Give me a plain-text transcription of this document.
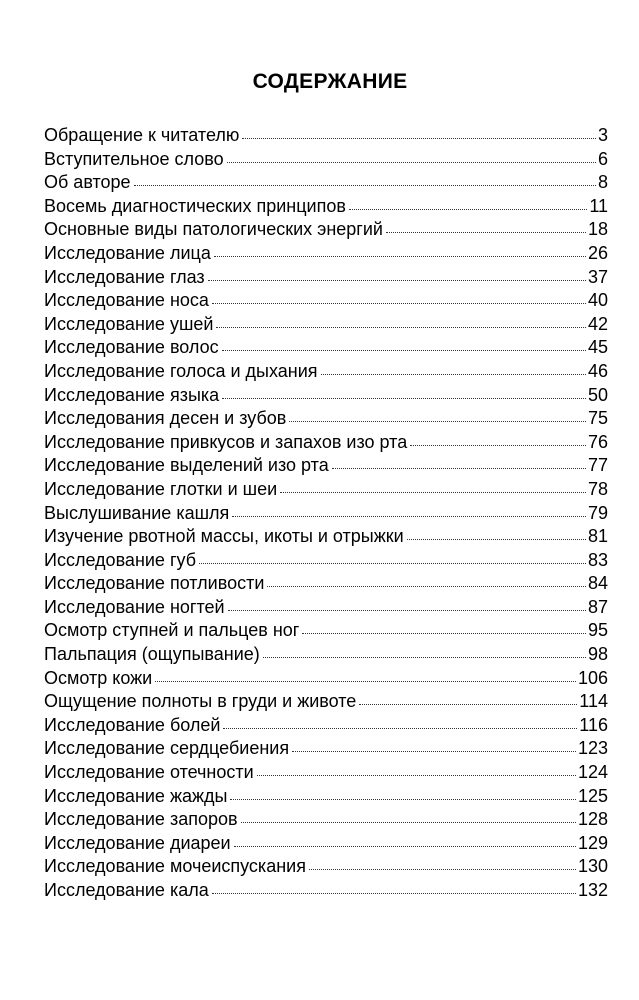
СОДЕРЖАНИЕ
Обращение к читателю	3
Вступительное слово	6
Об авторе	8
Восемь диагностических принципов	11
Основные виды патологических энергий	18
Исследование лица	26
Исследование глаз	37
Исследование носа	40
Исследование ушей	42
Исследование волос	45
Исследование голоса и дыхания	46
Исследование языка	50
Исследования десен и зубов	75
Исследование привкусов и запахов изо рта	76
Исследование выделений изо рта	77
Исследование глотки и шеи	78
Выслушивание кашля	79
Изучение рвотной массы, икоты и отрыжки	81
Исследование губ	83
Исследование потливости	84
Исследование ногтей	87
Осмотр ступней и пальцев ног	95
Пальпация (ощупывание)	98
Осмотр кожи	106
Ощущение полноты в груди и животе	114
Исследование болей	116
Исследование сердцебиения	123
Исследование отечности	124
Исследование жажды	125
Исследование запоров	128
Исследование диареи	129
Исследование мочеиспускания	130
Исследование кала	132
